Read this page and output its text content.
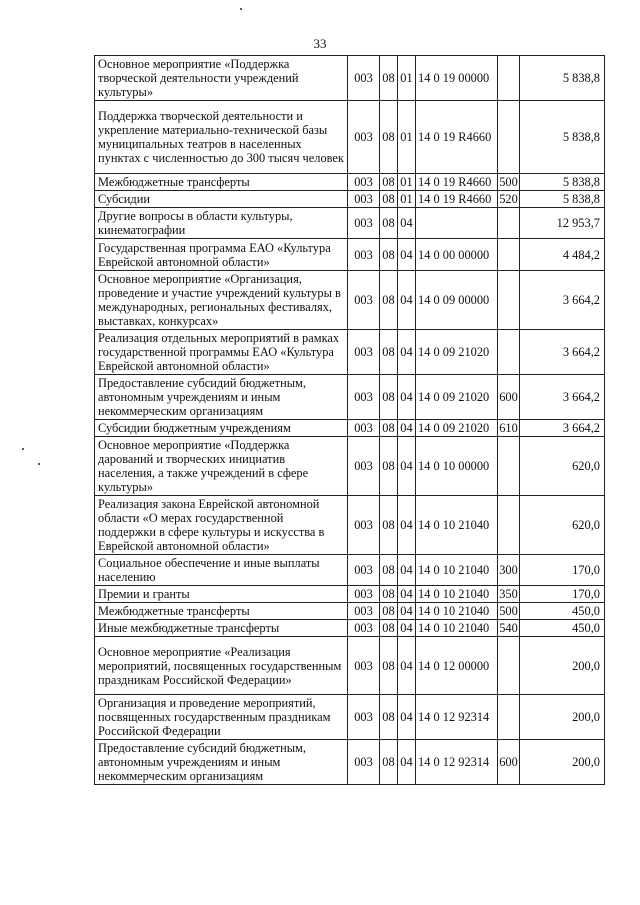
33
Основное мероприятие «Поддержка творческой деятельности учреждений культуры»	003	08	01	14 0 19 00000		5 838,8
Поддержка творческой деятельности и укрепление материально-технической базы муниципальных театров в населенных пунктах с численностью до 300 тысяч человек	003	08	01	14 0 19 R4660		5 838,8
Межбюджетные трансферты	003	08	01	14 0 19 R4660	500	5 838,8
Субсидии	003	08	01	14 0 19 R4660	520	5 838,8
Другие вопросы в области культуры, кинематографии	003	08	04			12 953,7
Государственная программа ЕАО «Культура Еврейской автономной области»	003	08	04	14 0 00 00000		4 484,2
Основное мероприятие «Организация, проведение и участие учреждений культуры в международных, региональных фестивалях, выставках, конкурсах»	003	08	04	14 0 09 00000		3 664,2
Реализация отдельных мероприятий в рамках государственной программы ЕАО «Культура Еврейской автономной области»	003	08	04	14 0 09 21020		3 664,2
Предоставление субсидий бюджетным, автономным учреждениям и иным некоммерческим организациям	003	08	04	14 0 09 21020	600	3 664,2
Субсидии бюджетным учреждениям	003	08	04	14 0 09 21020	610	3 664,2
Основное мероприятие «Поддержка дарований и творческих инициатив населения, а также учреждений в сфере культуры»	003	08	04	14 0 10 00000		620,0
Реализация закона Еврейской автономной области «О мерах государственной поддержки в сфере культуры и искусства в Еврейской автономной области»	003	08	04	14 0 10 21040		620,0
Социальное обеспечение и иные выплаты населению	003	08	04	14 0 10 21040	300	170,0
Премии и гранты	003	08	04	14 0 10 21040	350	170,0
Межбюджетные трансферты	003	08	04	14 0 10 21040	500	450,0
Иные межбюджетные трансферты	003	08	04	14 0 10 21040	540	450,0
Основное мероприятие «Реализация мероприятий, посвященных государственным праздникам Российской Федерации»	003	08	04	14 0 12 00000		200,0
Организация и проведение мероприятий, посвященных государственным праздникам Российской Федерации	003	08	04	14 0 12 92314		200,0
Предоставление субсидий бюджетным, автономным учреждениям и иным некоммерческим организациям	003	08	04	14 0 12 92314	600	200,0
